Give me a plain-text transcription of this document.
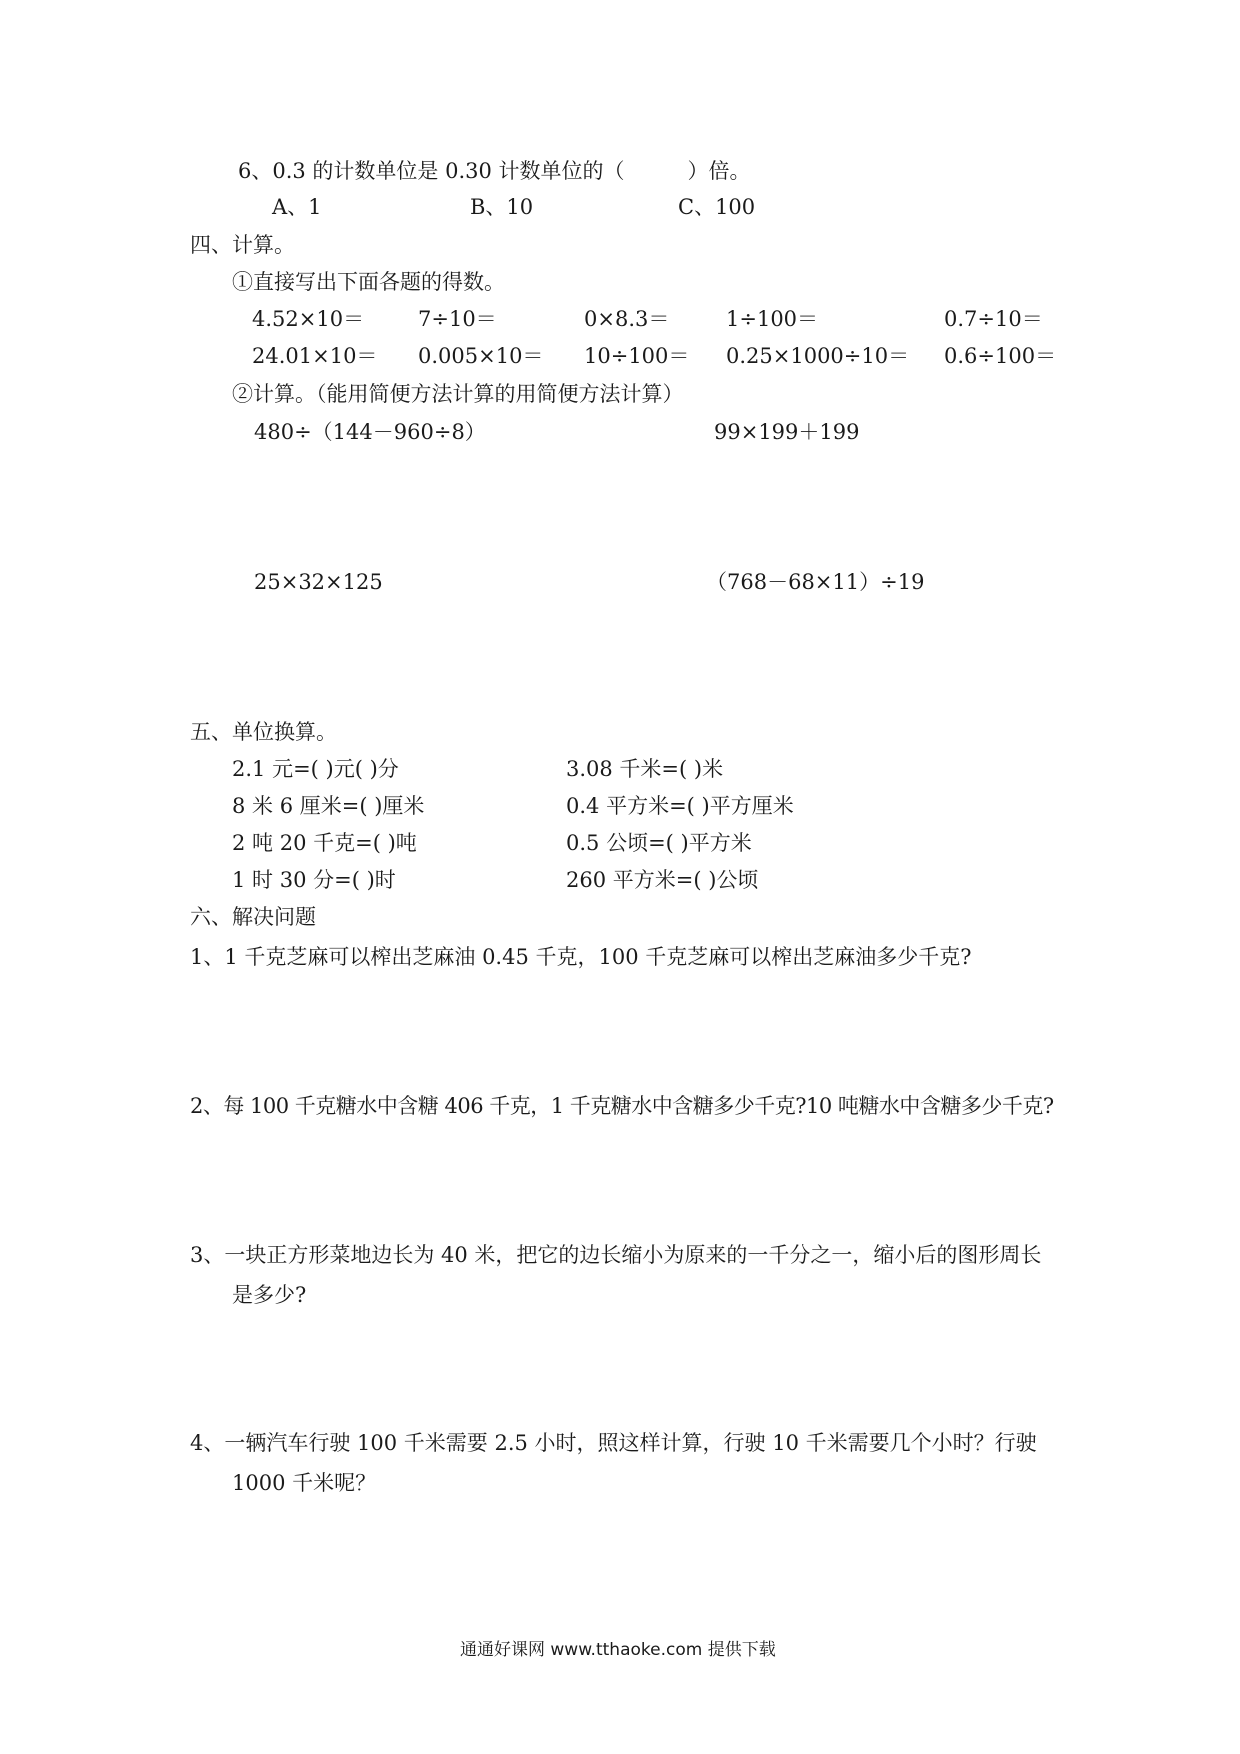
6、0.3 的计数单位是 0.30 计数单位的（　　　）倍。
A、1	B、10	C、100
四、计算。
①直接写出下面各题的得数。
4.52×10＝	7÷10＝	0×8.3＝	1÷100＝	0.7÷10＝
24.01×10＝ 0.005×10＝ 10÷100＝ 0.25×1000÷10＝ 0.6÷100＝
②计算。（能用简便方法计算的用简便方法计算）
480÷（144－960÷8）	99×199＋199
25×32×125	（768－68×11）÷19
五、单位换算。
2.1 元=( )元( )分	3.08 千米=( )米
8 米 6 厘米=( )厘米	0.4 平方米=( )平方厘米
2 吨 20 千克=( )吨	0.5 公顷=( )平方米
1 时 30 分=( )时	260 平方米=( )公顷
六、解决问题
1、1 千克芝麻可以榨出芝麻油 0.45 千克，100 千克芝麻可以榨出芝麻油多少千克?
2、每 100 千克糖水中含糖 406 千克，1 千克糖水中含糖多少千克?10 吨糖水中含糖多少千克?
3、一块正方形菜地边长为 40 米，把它的边长缩小为原来的一千分之一，缩小后的图形周长
是多少?
4、一辆汽车行驶 100 千米需要 2.5 小时，照这样计算，行驶 10 千米需要几个小时？行驶
1000 千米呢？
通通好课网 www.tthaoke.com 提供下载
